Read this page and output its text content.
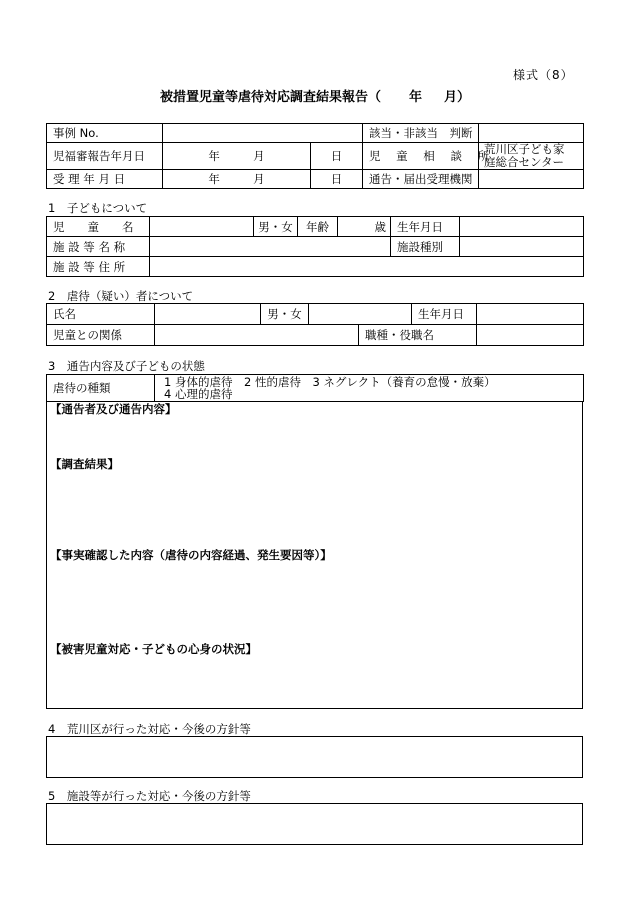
様式（8）
被措置児童等虐待対応調査結果報告（ 年 月）
事例 No.			該当・非該当　判断	
児福審報告年月日	年 月	日	児 童 相 談 所	荒川区子ども家
庭総合センター

受 理 年 月 日	年 月	日	通告・届出受理機関	
1　子どもについて
児　　童　　名		男・女	年齢	歳	生年月日	
施 設 等 名 称					施設種別	
施 設 等 住 所						
2　虐待（疑い）者について
氏名		男・女			生年月日	
児童との関係				職種・役職名		
3　通告内容及び子どもの状態
虐待の種類	1 身体的虐待　2 性的虐待　3 ネグレクト（養育の怠慢・放棄）
4 心理的虐待
【通告者及び通告内容】
【調査結果】
【事実確認した内容（虐待の内容経過、発生要因等）】
【被害児童対応・子どもの心身の状況】
4　荒川区が行った対応・今後の方針等
5　施設等が行った対応・今後の方針等
